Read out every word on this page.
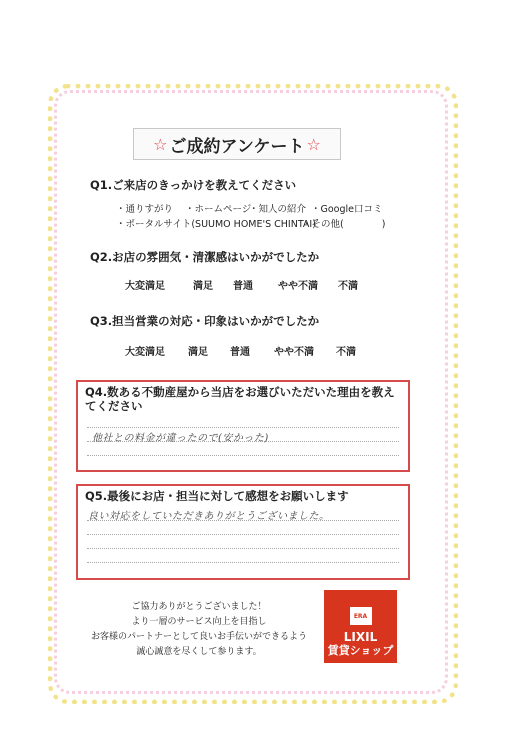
☆ ご成約アンケート ☆
Q1.ご来店のきっかけを教えてください
・通りすがり ・ホームページ
・知人の紹介 ・Google口コミ
・ポータルサイト(SUUMO HOME'S CHINTAI)
・その他(　　　　)
Q2.お店の雰囲気・清潔感はいかがでしたか
大変満足	満足 普通	やや不満 不満
Q3.担当営業の対応・印象はいかがでしたか
大変満足 満足 普通 やや不満 不満
Q4.数ある不動産屋から当店をお選びいただいた理由を教えてください
他社との料金が違ったので(安かった)
Q5.最後にお店・担当に対して感想をお願いします
良い対応をしていただきありがとうございました。
ご協力ありがとうございました！
より一層のサービス向上を目指し
お客様のパートナーとして良いお手伝いができるよう
誠心誠意を尽くして参ります。
ERA
LIXIL
賃貸ショップ
